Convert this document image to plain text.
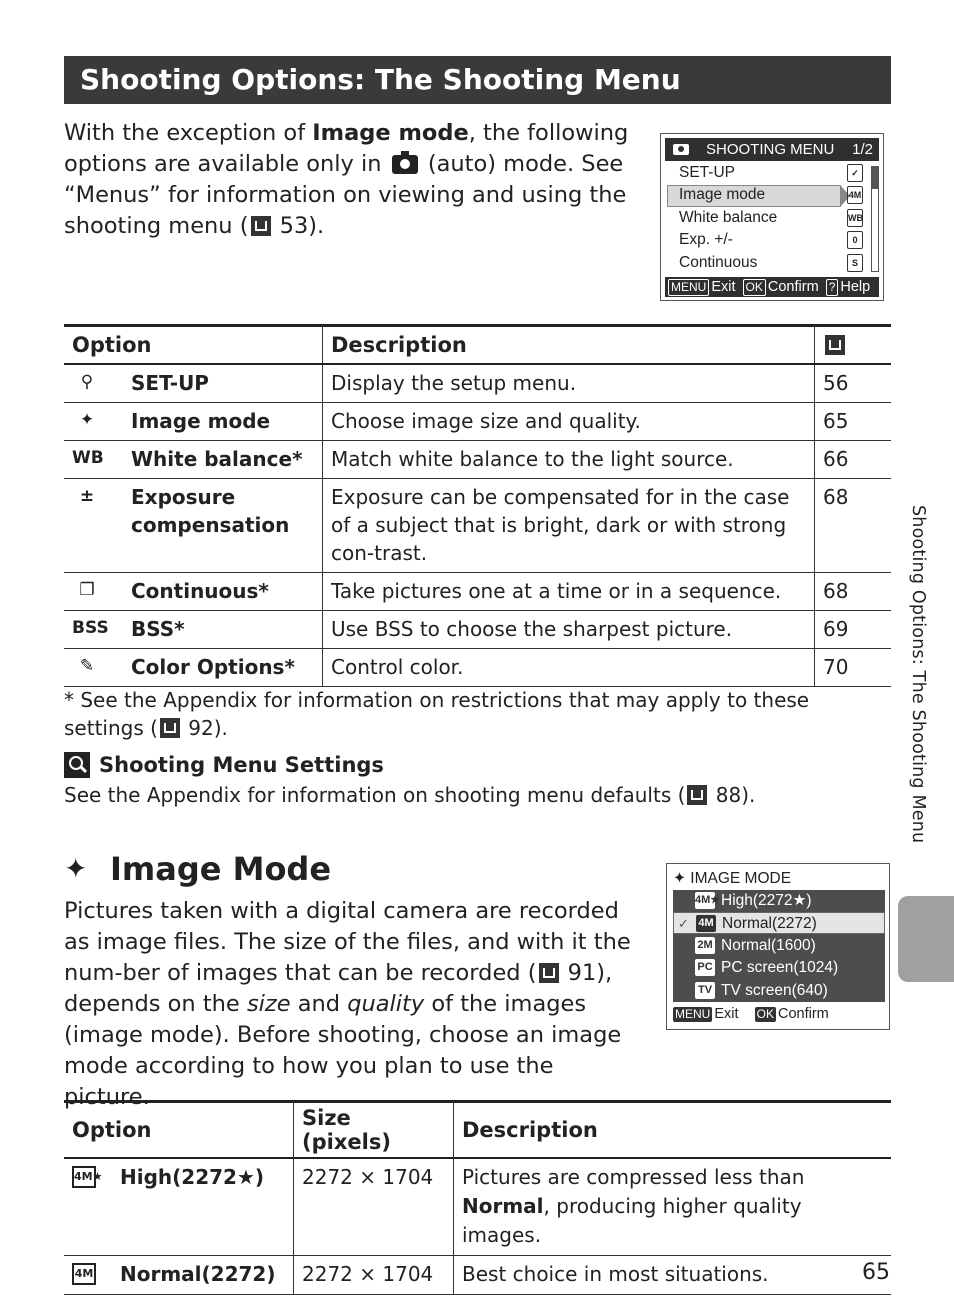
Shooting Options: The Shooting Menu
With the exception of Image mode, the following options are available only in  (auto) mode. See “Menus” for information on viewing and using the shooting menu ( 53).
SHOOTING MENU 1/2
SET-UP
Image mode
White balance
Exp. +/-
Continuous
✓
4M
WB
0
S
MENU Exit OK Confirm ? Help
Option	Description	

⚲ SET-UP	Display the setup menu.	56

✦ Image mode	Choose image size and quality.	65

WB White balance*	Match white balance to the light source.	66

± Exposure compensation	Exposure can be compensated for in the case of a subject that is bright, dark or with strong con-trast.	68

❐ Continuous*	Take pictures one at a time or in a sequence.	68

BSS BSS*	Use BSS to choose the sharpest picture.	69

✎ Color Options*	Control color.	70
* See the Appendix for information on restrictions that may apply to these settings ( 92).
Shooting Menu Settings
See the Appendix for information on shooting menu defaults ( 88).
✦ Image Mode
Pictures taken with a digital camera are recorded as image files. The size of the files, and with it the num-ber of images that can be recorded ( 91), depends on the size and quality of the images (image mode). Before shooting, choose an image mode according to how you plan to use the picture.
✦ IMAGE MODE
4M★ High(2272★)
✓ 4M Normal(2272)
2M Normal(1600)
PC PC screen(1024)
TV TV screen(640)
MENU Exit OK Confirm
Option	Size (pixels)	Description

4M★ High(2272★)	2272 × 1704	Pictures are compressed less than Normal, producing higher quality images.

4M Normal(2272)	2272 × 1704	Best choice in most situations.
Shooting Options: The Shooting Menu
65
